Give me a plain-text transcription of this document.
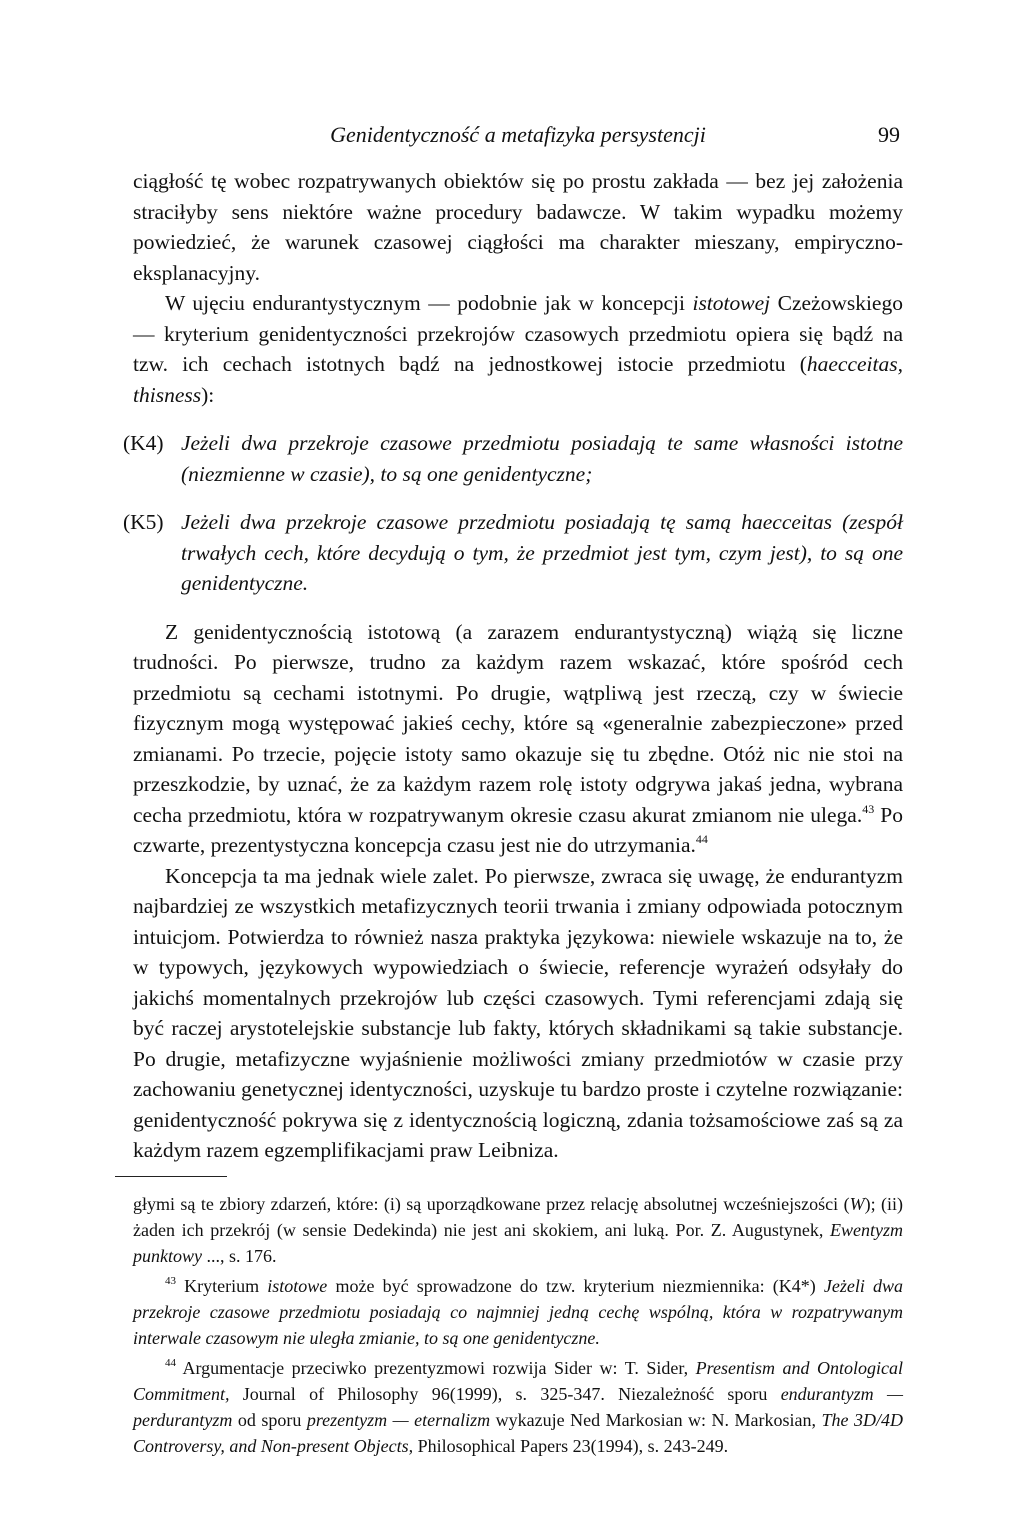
Genidentyczność a metafizyka persystencji	99

ciągłość tę wobec rozpatrywanych obiektów się po prostu zakłada — bez jej założenia straciłyby sens niektóre ważne procedury badawcze. W takim wypadku możemy powiedzieć, że warunek czasowej ciągłości ma charakter mieszany, empiryczno-eksplanacyjny.

W ujęciu endurantystycznym — podobnie jak w koncepcji istotowej Czeżowskiego — kryterium genidentyczności przekrojów czasowych przedmiotu opiera się bądź na tzw. ich cechach istotnych bądź na jednostkowej istocie przedmiotu (haecceitas, thisness):

(K4) Jeżeli dwa przekroje czasowe przedmiotu posiadają te same własności istotne (niezmienne w czasie), to są one genidentyczne;
(K5) Jeżeli dwa przekroje czasowe przedmiotu posiadają tę samą haecceitas (zespół trwałych cech, które decydują o tym, że przedmiot jest tym, czym jest), to są one genidentyczne.

Z genidentycznością istotową (a zarazem endurantystyczną) wiążą się liczne trudności. Po pierwsze, trudno za każdym razem wskazać, które spośród cech przedmiotu są cechami istotnymi. Po drugie, wątpliwą jest rzeczą, czy w świecie fizycznym mogą występować jakieś cechy, które są «generalnie zabezpieczone» przed zmianami. Po trzecie, pojęcie istoty samo okazuje się tu zbędne. Otóż nic nie stoi na przeszkodzie, by uznać, że za każdym razem rolę istoty odgrywa jakaś jedna, wybrana cecha przedmiotu, która w rozpatrywanym okresie czasu akurat zmianom nie ulega.$^{43}$ Po czwarte, prezentystyczna koncepcja czasu jest nie do utrzymania.$^{44}$

Koncepcja ta ma jednak wiele zalet. Po pierwsze, zwraca się uwagę, że endurantyzm najbardziej ze wszystkich metafizycznych teorii trwania i zmiany odpowiada potocznym intuicjom. Potwierdza to również nasza praktyka językowa: niewiele wskazuje na to, że w typowych, językowych wypowiedziach o świecie, referencje wyrażeń odsyłały do jakichś momentalnych przekrojów lub części czasowych. Tymi referencjami zdają się być raczej arystotelejskie substancje lub fakty, których składnikami są takie substancje. Po drugie, metafizyczne wyjaśnienie możliwości zmiany przedmiotów w czasie przy zachowaniu genetycznej identyczności, uzyskuje tu bardzo proste i czytelne rozwiązanie: genidentyczność pokrywa się z identycznością logiczną, zdania tożsamościowe zaś są za każdym razem egzemplifikacjami praw Leibniza.

głymi są te zbiory zdarzeń, które: (i) są uporządkowane przez relację absolutnej wcześniejszości (W); (ii) żaden ich przekrój (w sensie Dedekinda) nie jest ani skokiem, ani luką. Por. Z. Augustynek, Ewentyzm punktowy ..., s. 176.

$^{43}$ Kryterium istotowe może być sprowadzone do tzw. kryterium niezmiennika: (K4*) Jeżeli dwa przekroje czasowe przedmiotu posiadają co najmniej jedną cechę wspólną, która w rozpatrywanym interwale czasowym nie uległa zmianie, to są one genidentyczne.

$^{44}$ Argumentacje przeciwko prezentyzmowi rozwija Sider w: T. Sider, Presentism and Ontological Commitment, Journal of Philosophy 96(1999), s. 325-347. Niezależność sporu endurantyzm — perdurantyzm od sporu prezentyzm — eternalizm wykazuje Ned Markosian w: N. Markosian, The 3D/4D Controversy, and Non-present Objects, Philosophical Papers 23(1994), s. 243-249.
